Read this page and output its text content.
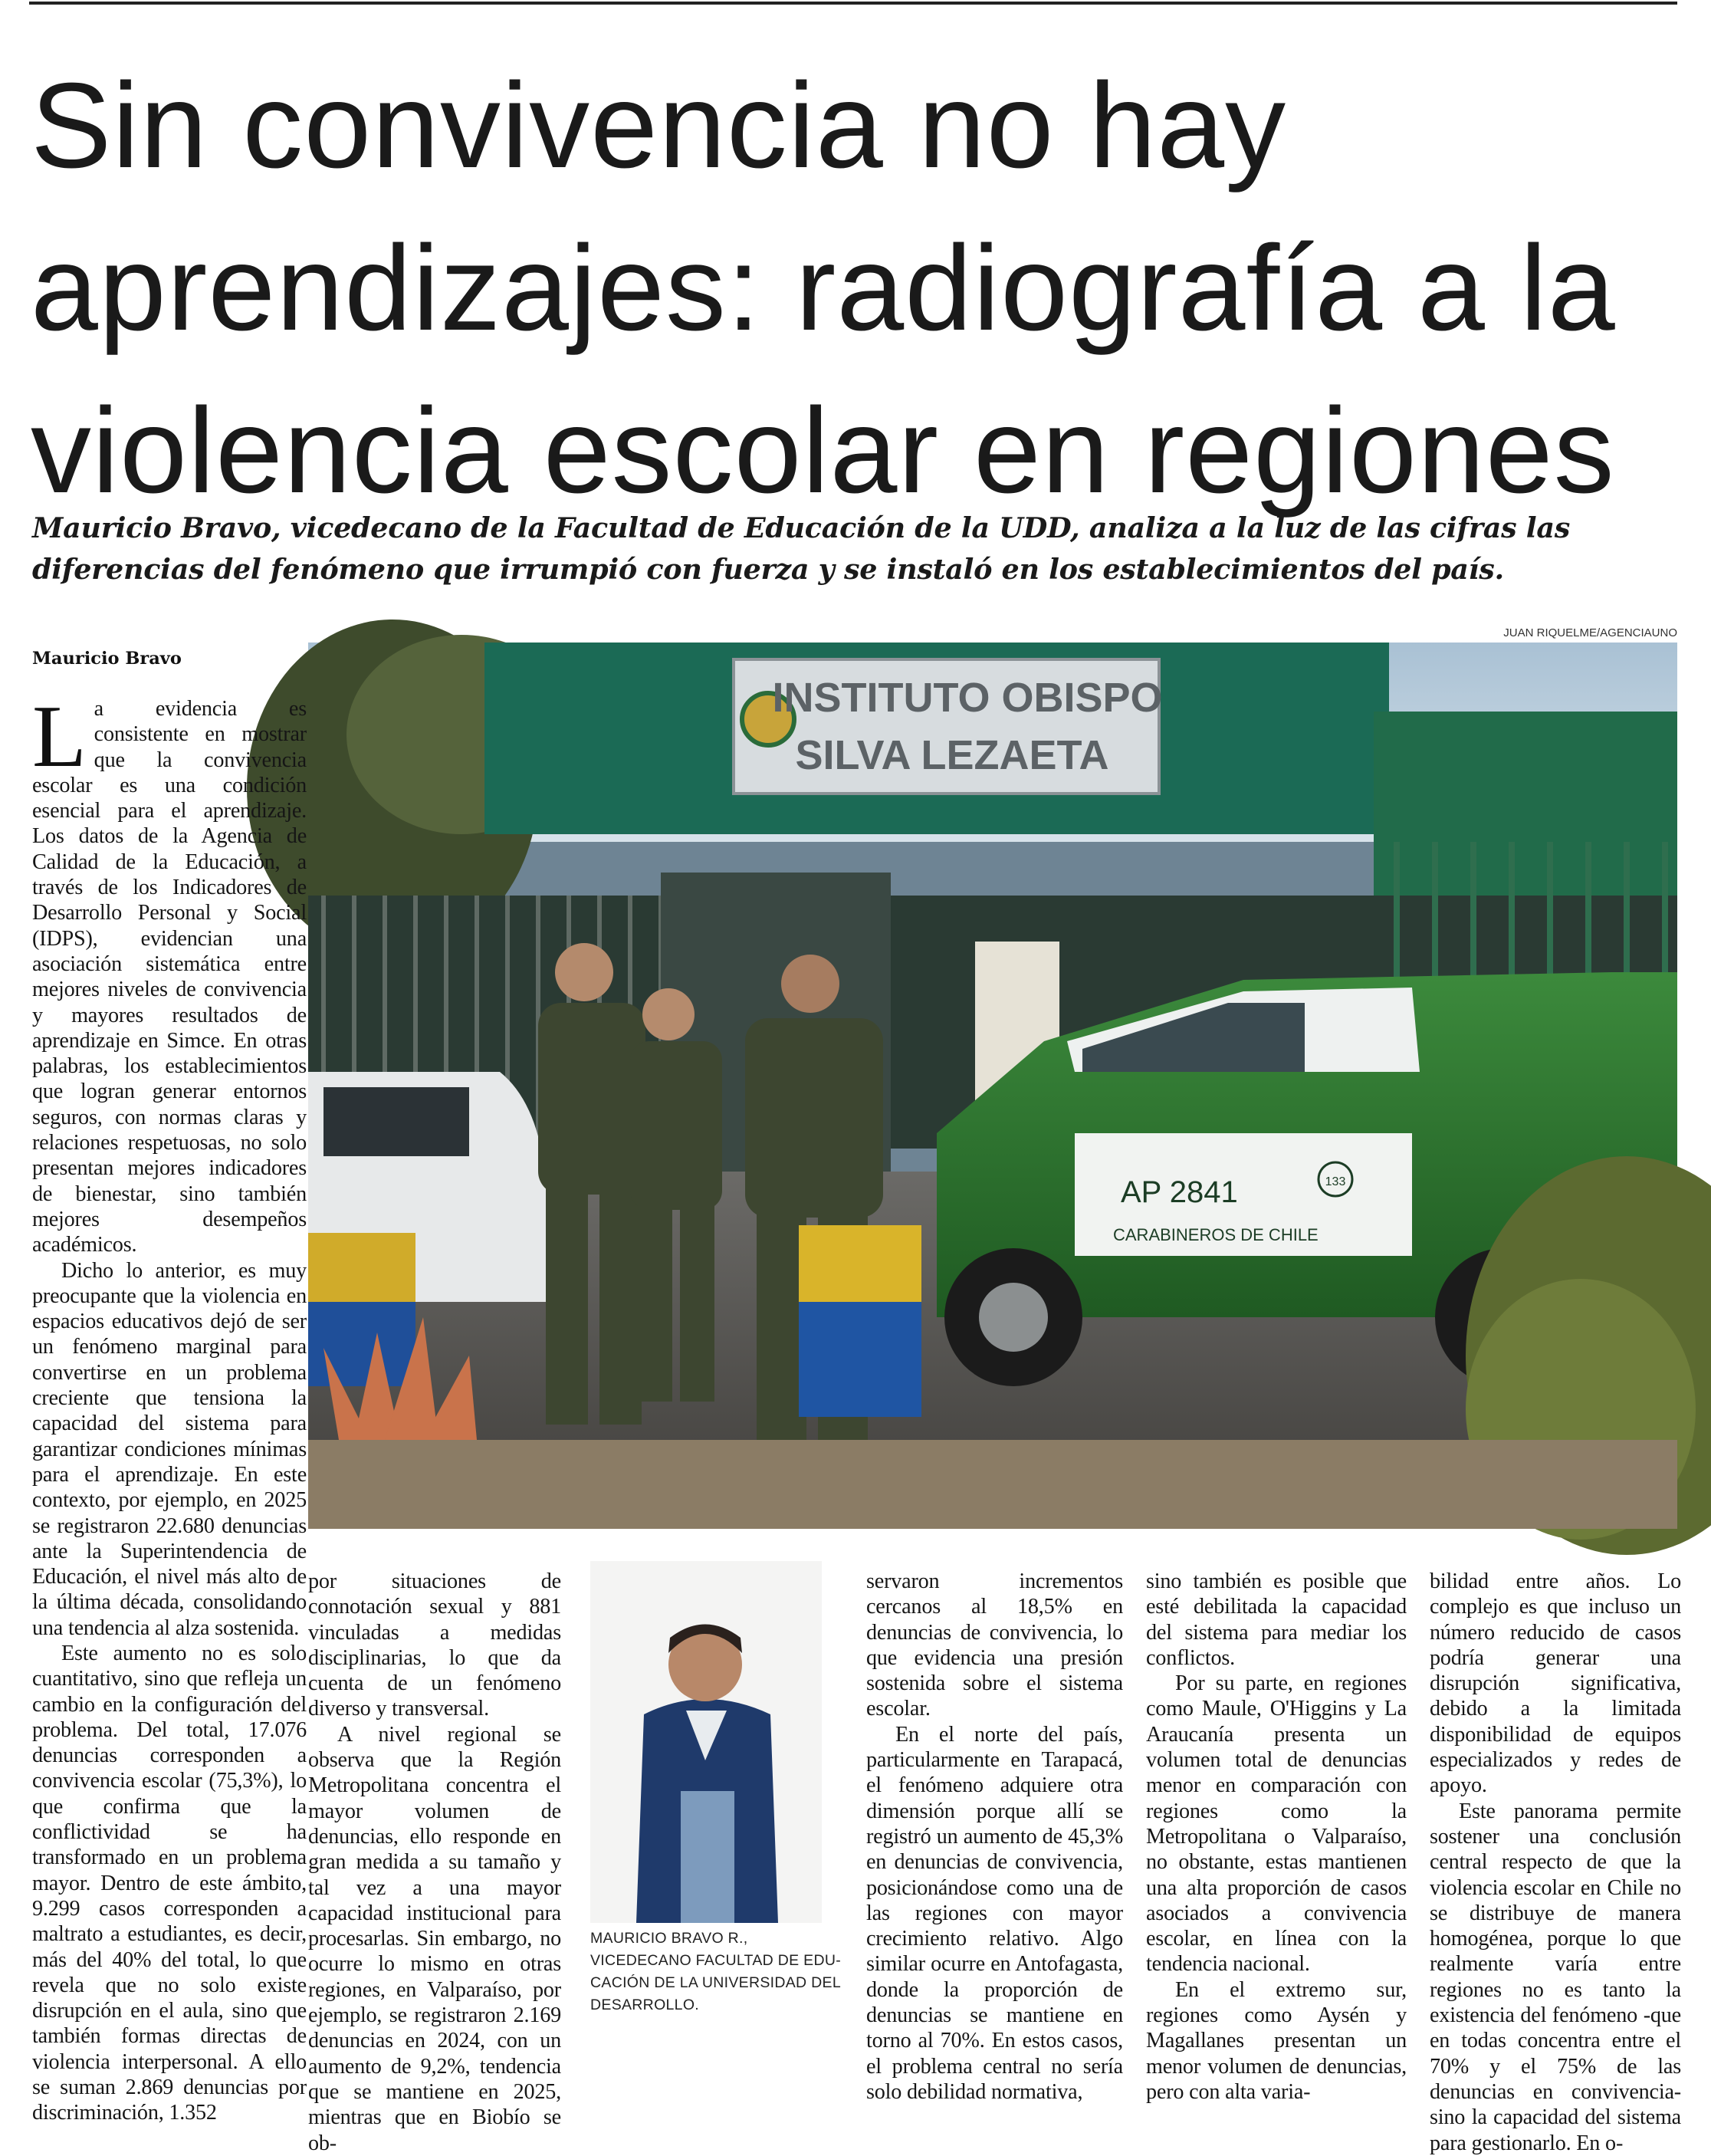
Sin convivencia no hay
aprendizajes: radiografía a la
violencia escolar en regiones
Mauricio Bravo, vicedecano de la Facultad de Educación de la UDD, analiza a la luz de las cifras las diferencias del fenómeno que irrumpió con fuerza y se instaló en los establecimientos del país.
JUAN RIQUELME/AGENCIAUNO
Mauricio Bravo
INSTITUTO OBISPO
SILVA LEZAETA
AP 2841
CARABINEROS DE CHILE
133

La evidencia es consistente en mostrar que la convivencia escolar es una condición esencial para el aprendizaje. Los datos de la Agencia de Calidad de la Educación, a través de los Indicadores de Desarrollo Personal y Social (IDPS), evidencian una asociación sistemática entre mejores niveles de convivencia y mayores resultados de aprendizaje en Simce. En otras palabras, los establecimientos que logran generar entornos seguros, con normas claras y relaciones respetuosas, no solo presentan mejores indicadores de bienestar, sino también mejores desempeños académicos.

Dicho lo anterior, es muy preocupante que la violencia en espacios educativos dejó de ser un fenómeno marginal para convertirse en un problema creciente que tensiona la capacidad del sistema para garantizar condiciones mínimas para el aprendizaje. En este contexto, por ejemplo, en 2025 se registraron 22.680 denuncias ante la Superintendencia de Educación, el nivel más alto de la última década, consolidando una tendencia al alza sostenida.

Este aumento no es solo cuantitativo, sino que refleja un cambio en la configuración del problema. Del total, 17.076 denuncias corresponden a convivencia escolar (75,3%), lo que confirma que la conflictividad se ha transformado en un problema mayor. Dentro de este ámbito, 9.299 casos corresponden a maltrato a estudiantes, es decir, más del 40% del total, lo que revela que no solo existe disrupción en el aula, sino que también formas directas de violencia interpersonal. A ello se suman 2.869 denuncias por discriminación, 1.352

por situaciones de connotación sexual y 881 vinculadas a medidas disciplinarias, lo que da cuenta de un fenómeno diverso y transversal.

A nivel regional se observa que la Región Metropolitana concentra el mayor volumen de denuncias, ello responde en gran medida a su tamaño y tal vez a una mayor capacidad institucional para procesarlas. Sin embargo, no ocurre lo mismo en otras regiones, en Valparaíso, por ejemplo, se registraron 2.169 denuncias en 2024, con un aumento de 9,2%, tendencia que se mantiene en 2025, mientras que en Biobío se ob-

MAURICIO BRAVO R.,
VICEDECANO FACULTAD DE EDU-
CACIÓN DE LA UNIVERSIDAD DEL
DESARROLLO.

servaron incrementos cercanos al 18,5% en denuncias de convivencia, lo que evidencia una presión sostenida sobre el sistema escolar.

En el norte del país, particularmente en Tarapacá, el fenómeno adquiere otra dimensión porque allí se registró un aumento de 45,3% en denuncias de convivencia, posicionándose como una de las regiones con mayor crecimiento relativo. Algo similar ocurre en Antofagasta, donde la proporción de denuncias se mantiene en torno al 70%. En estos casos, el problema central no sería solo debilidad normativa,

sino también es posible que esté debilitada la capacidad del sistema para mediar los conflictos.

Por su parte, en regiones como Maule, O'Higgins y La Araucanía presenta un volumen total de denuncias menor en comparación con regiones como la Metropolitana o Valparaíso, no obstante, estas mantienen una alta proporción de casos asociados a convivencia escolar, en línea con la tendencia nacional.

En el extremo sur, regiones como Aysén y Magallanes presentan un menor volumen de denuncias, pero con alta varia-

bilidad entre años. Lo complejo es que incluso un número reducido de casos podría generar una disrupción significativa, debido a la limitada disponibilidad de equipos especializados y redes de apoyo.

Este panorama permite sostener una conclusión central respecto de que la violencia escolar en Chile no se distribuye de manera homogénea, porque lo que realmente varía entre regiones no es tanto la existencia del fenómeno -que en todas concentra entre el 70% y el 75% de las denuncias en convivencia- sino la capacidad del sistema para gestionarlo. En o-
